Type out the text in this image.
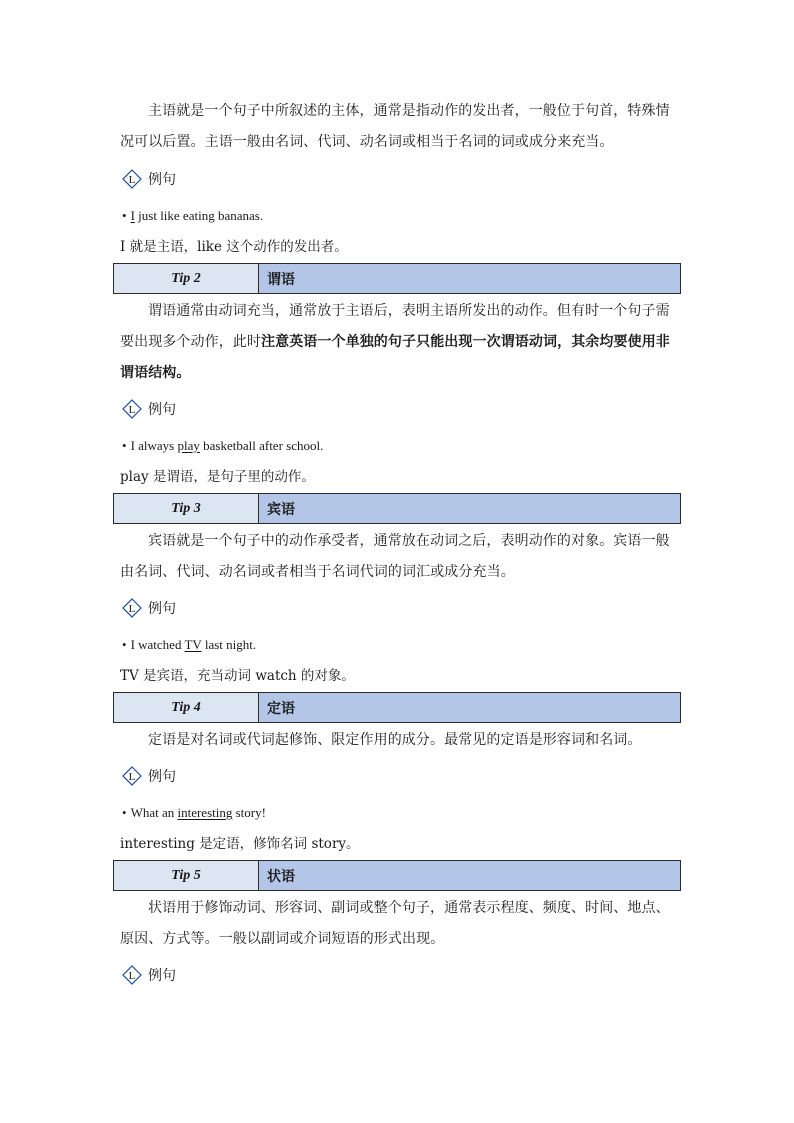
主语就是一个句子中所叙述的主体，通常是指动作的发出者，一般位于句首，特殊情况可以后置。主语一般由名词、代词、动名词或相当于名词的词或成分来充当。

L 例句
• I just like eating bananas.
I 就是主语，like 这个动作的发出者。
Tip 2	谓语

谓语通常由动词充当，通常放于主语后，表明主语所发出的动作。但有时一个句子需要出现多个动作，此时注意英语一个单独的句子只能出现一次谓语动词，其余均要使用非谓语结构。

L 例句
• I always play basketball after school.
play 是谓语，是句子里的动作。
Tip 3	宾语

宾语就是一个句子中的动作承受者，通常放在动词之后，表明动作的对象。宾语一般由名词、代词、动名词或者相当于名词代词的词汇或成分充当。

L 例句
• I watched TV last night.
TV 是宾语，充当动词 watch 的对象。
Tip 4	定语

定语是对名词或代词起修饰、限定作用的成分。最常见的定语是形容词和名词。

L 例句
• What an interesting story!
interesting 是定语，修饰名词 story。
Tip 5	状语

状语用于修饰动词、形容词、副词或整个句子，通常表示程度、频度、时间、地点、原因、方式等。一般以副词或介词短语的形式出现。

L 例句
